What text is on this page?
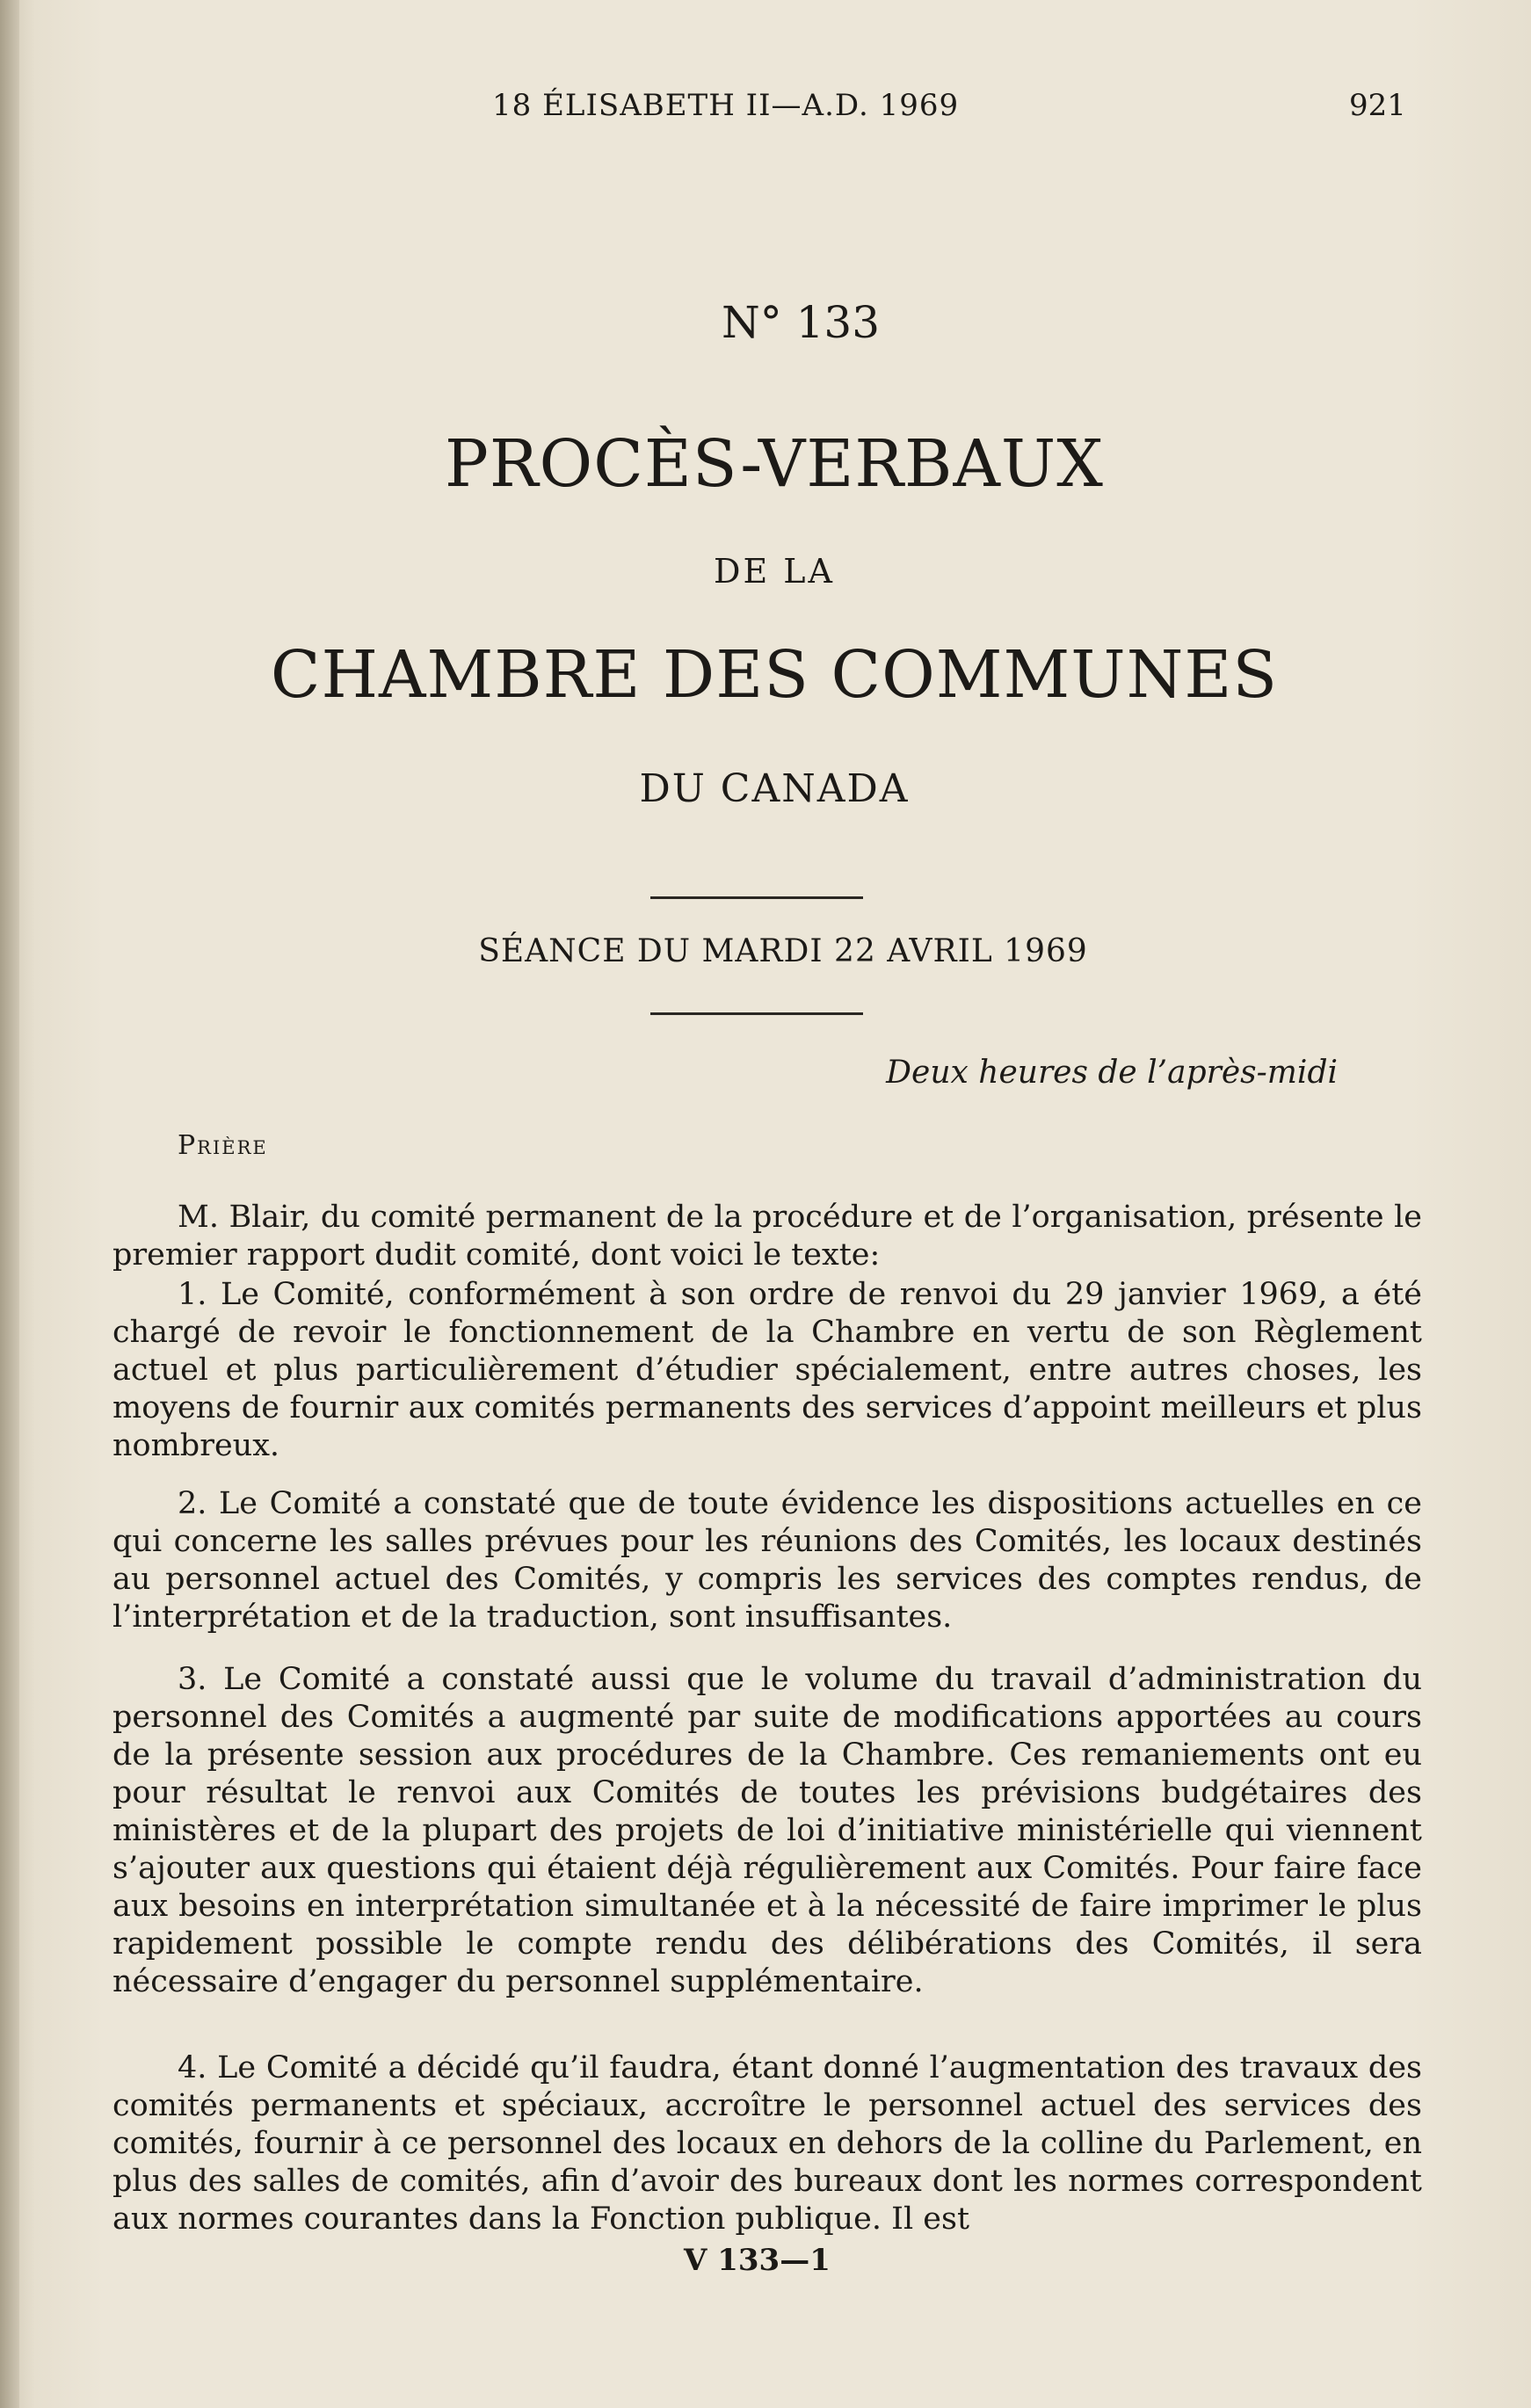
18 ÉLISABETH II—A.D. 1969	921
N° 133
PROCÈS-VERBAUX
DE LA
CHAMBRE DES COMMUNES
DU CANADA
SÉANCE DU MARDI 22 AVRIL 1969
Deux heures de l’après-midi
Prière
M. Blair, du comité permanent de la procédure et de l’organisation, présente le premier rapport dudit comité, dont voici le texte:
1. Le Comité, conformément à son ordre de renvoi du 29 janvier 1969, a été chargé de revoir le fonctionnement de la Chambre en vertu de son Règlement actuel et plus particulièrement d’étudier spécialement, entre autres choses, les moyens de fournir aux comités permanents des services d’appoint meilleurs et plus nombreux.
2. Le Comité a constaté que de toute évidence les dispositions actuelles en ce qui concerne les salles prévues pour les réunions des Comités, les locaux destinés au personnel actuel des Comités, y compris les services des comptes rendus, de l’interprétation et de la traduction, sont insuffisantes.
3. Le Comité a constaté aussi que le volume du travail d’administration du personnel des Comités a augmenté par suite de modifications apportées au cours de la présente session aux procédures de la Chambre. Ces remaniements ont eu pour résultat le renvoi aux Comités de toutes les prévisions budgétaires des ministères et de la plupart des projets de loi d’initiative ministérielle qui viennent s’ajouter aux questions qui étaient déjà régulièrement aux Comités. Pour faire face aux besoins en interprétation simultanée et à la nécessité de faire imprimer le plus rapidement possible le compte rendu des délibérations des Comités, il sera nécessaire d’engager du personnel supplémentaire.
4. Le Comité a décidé qu’il faudra, étant donné l’augmentation des travaux des comités permanents et spéciaux, accroître le personnel actuel des services des comités, fournir à ce personnel des locaux en dehors de la colline du Parlement, en plus des salles de comités, afin d’avoir des bureaux dont les normes correspondent aux normes courantes dans la Fonction publique. Il est
V 133—1
